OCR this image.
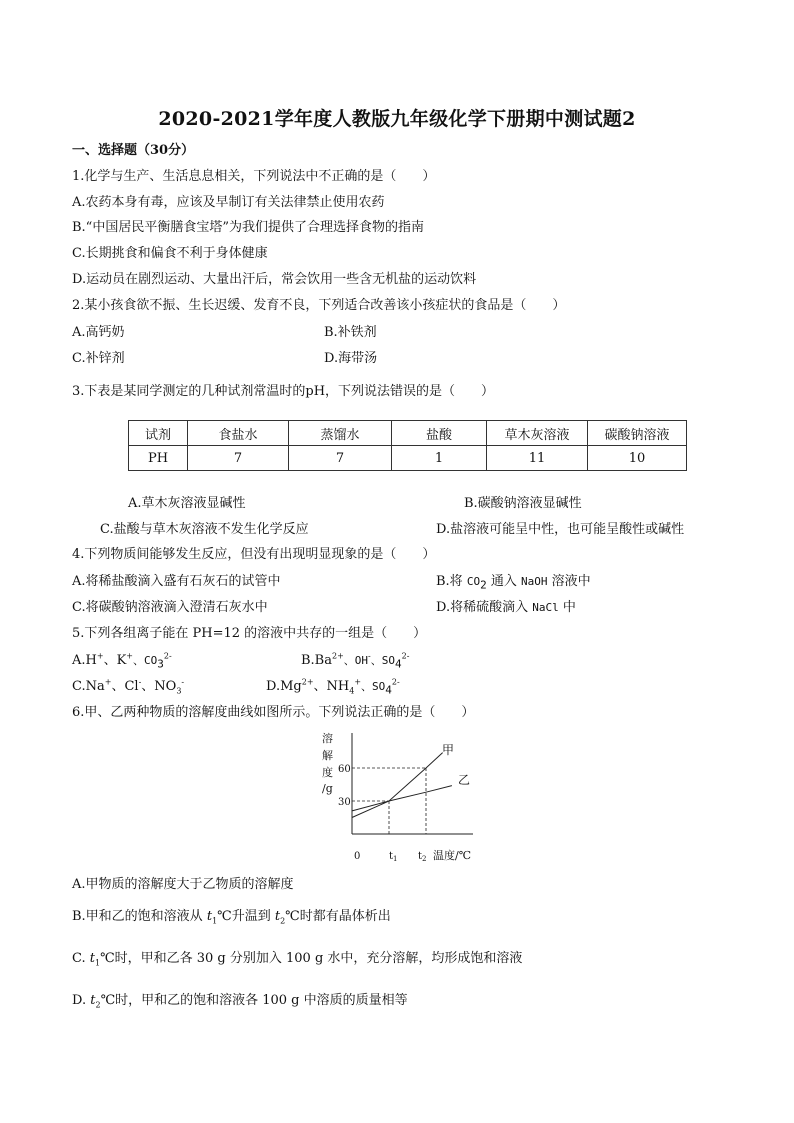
2020-2021学年度人教版九年级化学下册期中测试题2
一、选择题（30分）
1.化学与生产、生活息息相关，下列说法中不正确的是（　　）
A.农药本身有毒，应该及早制订有关法律禁止使用农药
B.“中国居民平衡膳食宝塔”为我们提供了合理选择食物的指南
C.长期挑食和偏食不利于身体健康
D.运动员在剧烈运动、大量出汗后，常会饮用一些含无机盐的运动饮料
2.某小孩食欲不振、生长迟缓、发育不良，下列适合改善该小孩症状的食品是（　　）
A.高钙奶	B.补铁剂
C.补锌剂	D.海带汤
3.下表是某同学测定的几种试剂常温时的pH，下列说法错误的是（　　）
试剂	食盐水	蒸馏水	盐酸	草木灰溶液	碳酸钠溶液
PH	7	7	1	11	10
A.草木灰溶液显碱性	B.碳酸钠溶液显碱性
C.盐酸与草木灰溶液不发生化学反应	D.盐溶液可能呈中性，也可能呈酸性或碱性
4.下列物质间能够发生反应，但没有出现明显现象的是（　　）
A.将稀盐酸滴入盛有石灰石的试管中	B.将 $CO_2$ 通入 NaOH 溶液中
C.将碳酸钠溶液滴入澄清石灰水中	D.将稀硫酸滴入 NaCl 中
5.下列各组离子能在 PH=12 的溶液中共存的一组是（　　）
A.H+、K+、$CO_3^{2-}$	$B.Ba^{2+}$、OH-、$SO_4^{2-}$
C.Na+、Cl-、$NO_3^-$	$D.Mg^{2+}$、$NH_4^+$、$SO_4^{2-}$
6.甲、乙两种物质的溶解度曲线如图所示。下列说法正确的是（　　）
溶
解
度
/g
0
60
30
$t_1$ $t_2$ 温度/℃
甲
乙
A.甲物质的溶解度大于乙物质的溶解度
B.甲和乙的饱和溶液从 $t_1℃$升温到 $t_2℃$时都有晶体析出
C. $t_1℃$时，甲和乙各 30 g 分别加入 100 g 水中，充分溶解，均形成饱和溶液
D. $t_2℃$时，甲和乙的饱和溶液各 100 g 中溶质的质量相等
